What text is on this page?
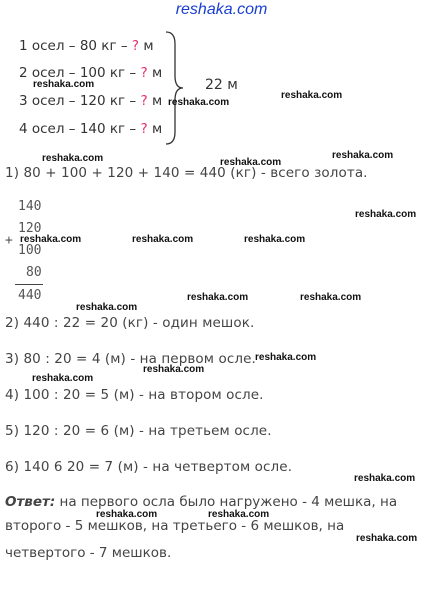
reshaka.com
1 осел – 80 кг – ? м
2 осел – 100 кг – ? м
3 осел – 120 кг – ? м
4 осел – 140 кг – ? м
22 м
1) 80 + 100 + 120 + 140 = 440 (кг) - всего золота.
140
120
+
100
80
440
2) 440 : 22 = 20 (кг) - один мешок.
3) 80 : 20 = 4 (м) - на первом осле.
4) 100 : 20 = 5 (м) - на втором осле.
5) 120 : 20 = 6 (м) - на третьем осле.
6) 140 6 20 = 7 (м) - на четвертом осле.
Ответ: на первого осла было нагружено - 4 мешка, на
второго - 5 мешков, на третьего - 6 мешков, на
четвертого - 7 мешков.
reshaka.com
reshaka.com
reshaka.com
reshaka.com	reshaka.com
reshaka.com
reshaka.com
reshaka.com	reshaka.com	reshaka.com
reshaka.com	reshaka.com
reshaka.com
reshaka.com
reshaka.com
reshaka.com
reshaka.com
reshaka.com	reshaka.com
reshaka.com
